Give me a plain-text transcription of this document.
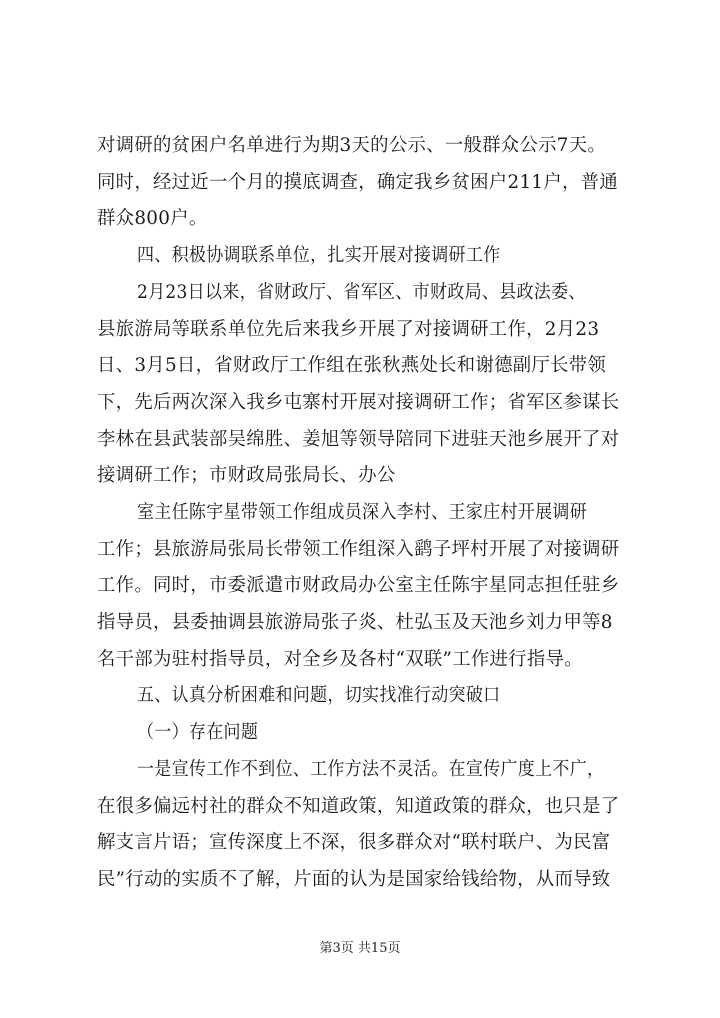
对调研的贫困户名单进行为期3天的公示、一般群众公示7天。
同时，经过近一个月的摸底调查，确定我乡贫困户211户，普通
群众800户。
四、积极协调联系单位，扎实开展对接调研工作
2月23日以来，省财政厅、省军区、市财政局、县政法委、
县旅游局等联系单位先后来我乡开展了对接调研工作，2月23
日、3月5日，省财政厅工作组在张秋燕处长和谢德副厅长带领
下，先后两次深入我乡屯寨村开展对接调研工作；省军区参谋长
李林在县武装部吴绵胜、姜旭等领导陪同下进驻天池乡展开了对
接调研工作；市财政局张局长、办公
室主任陈宇星带领工作组成员深入李村、王家庄村开展调研
工作；县旅游局张局长带领工作组深入鹞子坪村开展了对接调研
工作。同时，市委派遣市财政局办公室主任陈宇星同志担任驻乡
指导员，县委抽调县旅游局张子炎、杜弘玉及天池乡刘力甲等8
名干部为驻村指导员，对全乡及各村“双联”工作进行指导。
五、认真分析困难和问题，切实找准行动突破口
（一）存在问题
一是宣传工作不到位、工作方法不灵活。在宣传广度上不广，
在很多偏远村社的群众不知道政策，知道政策的群众，也只是了
解支言片语；宣传深度上不深，很多群众对“联村联户、为民富
民”行动的实质不了解，片面的认为是国家给钱给物，从而导致
第3页 共15页
